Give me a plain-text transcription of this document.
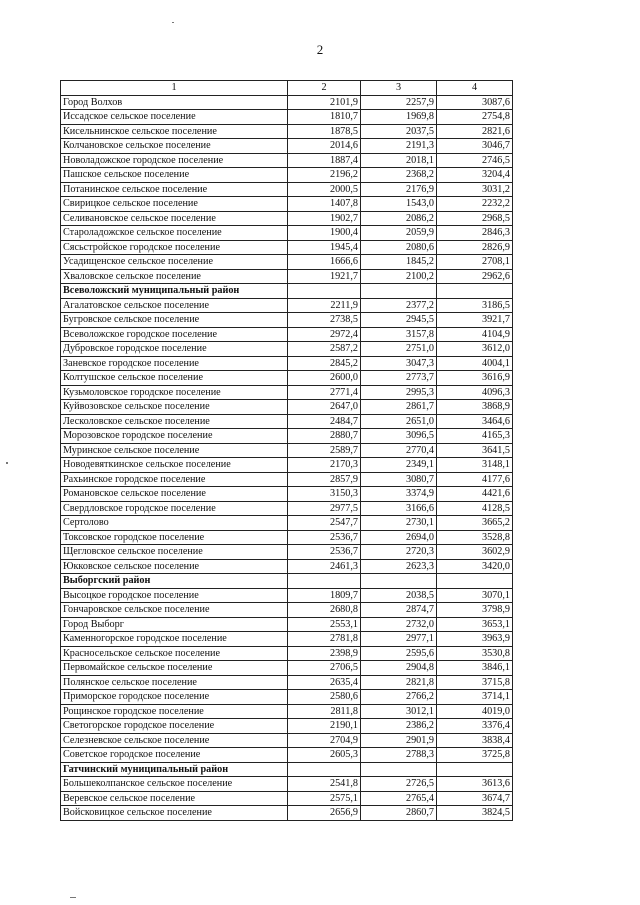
2
1	2	3	4
Город Волхов	2101,9	2257,9	3087,6
Иссадское сельское поселение	1810,7	1969,8	2754,8
Кисельнинское сельское поселение	1878,5	2037,5	2821,6
Колчановское сельское поселение	2014,6	2191,3	3046,7
Новоладожское городское поселение	1887,4	2018,1	2746,5
Пашское сельское поселение	2196,2	2368,2	3204,4
Потанинское сельское поселение	2000,5	2176,9	3031,2
Свирицкое сельское поселение	1407,8	1543,0	2232,2
Селивановское сельское поселение	1902,7	2086,2	2968,5
Староладожское сельское поселение	1900,4	2059,9	2846,3
Сясьстройское городское поселение	1945,4	2080,6	2826,9
Усадищенское сельское поселение	1666,6	1845,2	2708,1
Хваловское сельское поселение	1921,7	2100,2	2962,6
Всеволожский муниципальный район			
Агалатовское сельское поселение	2211,9	2377,2	3186,5
Бугровское сельское поселение	2738,5	2945,5	3921,7
Всеволожское городское поселение	2972,4	3157,8	4104,9
Дубровское городское поселение	2587,2	2751,0	3612,0
Заневское городское поселение	2845,2	3047,3	4004,1
Колтушское сельское поселение	2600,0	2773,7	3616,9
Кузьмоловское городское поселение	2771,4	2995,3	4096,3
Куйвозовское сельское поселение	2647,0	2861,7	3868,9
Лесколовское сельское поселение	2484,7	2651,0	3464,6
Морозовское городское поселение	2880,7	3096,5	4165,3
Муринское сельское поселение	2589,7	2770,4	3641,5
Новодевяткинское сельское поселение	2170,3	2349,1	3148,1
Рахьинское городское поселение	2857,9	3080,7	4177,6
Романовское сельское поселение	3150,3	3374,9	4421,6
Свердловское городское поселение	2977,5	3166,6	4128,5
Сертолово	2547,7	2730,1	3665,2
Токсовское городское поселение	2536,7	2694,0	3528,8
Щегловское сельское поселение	2536,7	2720,3	3602,9
Юкковское сельское поселение	2461,3	2623,3	3420,0
Выборгский район			
Высоцкое городское поселение	1809,7	2038,5	3070,1
Гончаровское сельское поселение	2680,8	2874,7	3798,9
Город Выборг	2553,1	2732,0	3653,1
Каменногорское городское поселение	2781,8	2977,1	3963,9
Красносельское сельское поселение	2398,9	2595,6	3530,8
Первомайское сельское поселение	2706,5	2904,8	3846,1
Полянское сельское поселение	2635,4	2821,8	3715,8
Приморское городское поселение	2580,6	2766,2	3714,1
Рощинское городское поселение	2811,8	3012,1	4019,0
Светогорское городское поселение	2190,1	2386,2	3376,4
Селезневское сельское поселение	2704,9	2901,9	3838,4
Советское городское поселение	2605,3	2788,3	3725,8
Гатчинский муниципальный район			
Большеколпанское сельское поселение	2541,8	2726,5	3613,6
Веревское сельское поселение	2575,1	2765,4	3674,7
Войсковицкое сельское поселение	2656,9	2860,7	3824,5
